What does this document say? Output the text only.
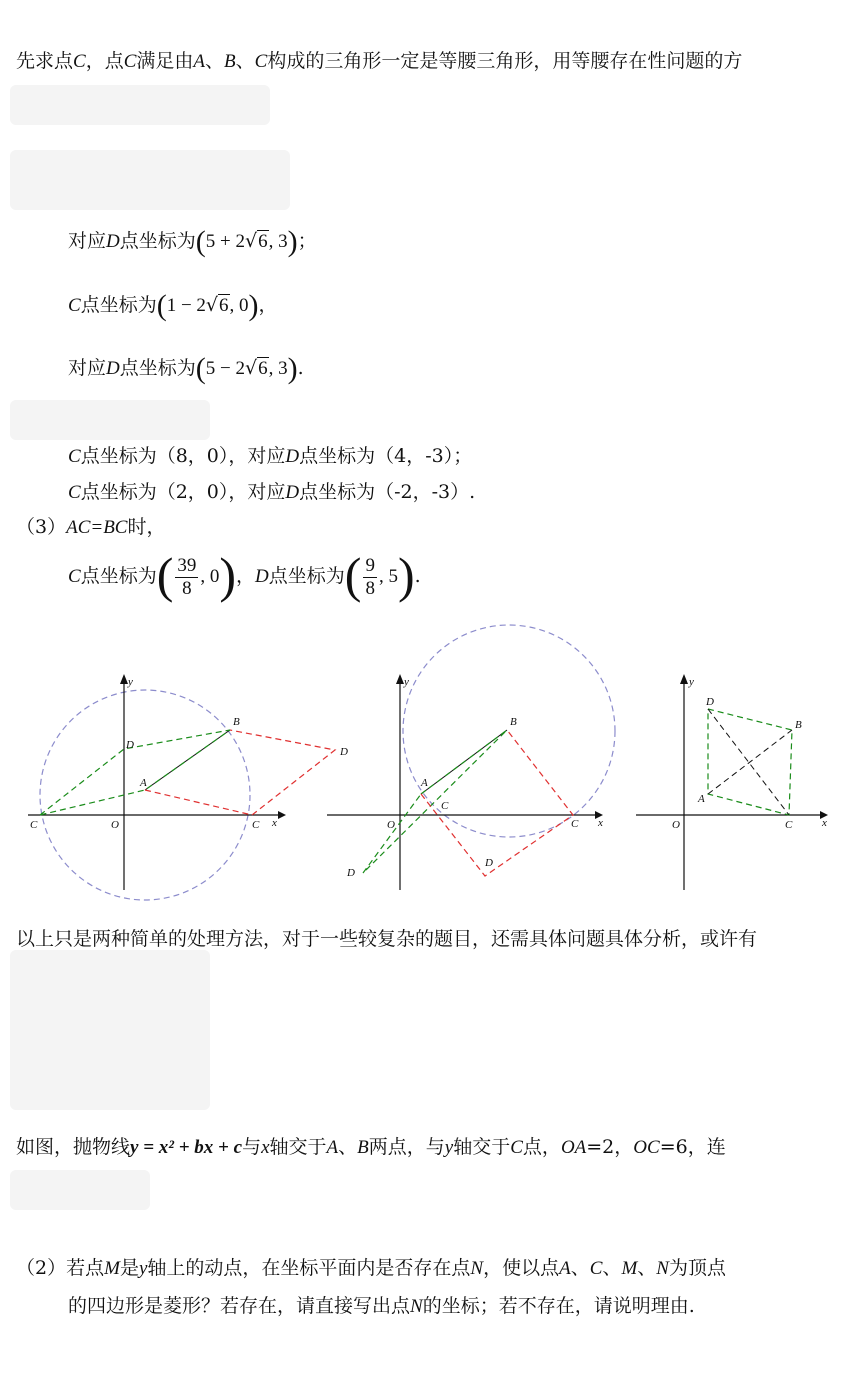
先求点C，点C满足由A、B、C构成的三角形一定是等腰三角形，用等腰存在性问题的方
对应D点坐标为(5 + 2√6, 3)；
C点坐标为(1 − 2√6, 0)，
对应D点坐标为(5 − 2√6, 3).
C点坐标为（8，0），对应D点坐标为（4，-3）；
C点坐标为（2，0），对应D点坐标为（-2，-3）.
（3）AC=BC时，
C点坐标为( $\frac{39}{8}$ , 0)，D点坐标为( $\frac{9}{8}$ , 5).
y
x
O
A
B
D
D
C	C
y
x
O
A
B
C
C
D
D
y
x
O
A
B
C
D
以上只是两种简单的处理方法，对于一些较复杂的题目，还需具体问题具体分析，或许有
如图，抛物线y = x² + bx + c与x轴交于A、B两点，与y轴交于C点，OA=2，OC=6，连
（2）若点M是y轴上的动点，在坐标平面内是否存在点N，使以点A、C、M、N为顶点
的四边形是菱形？若存在，请直接写出点N的坐标；若不存在，请说明理由.
